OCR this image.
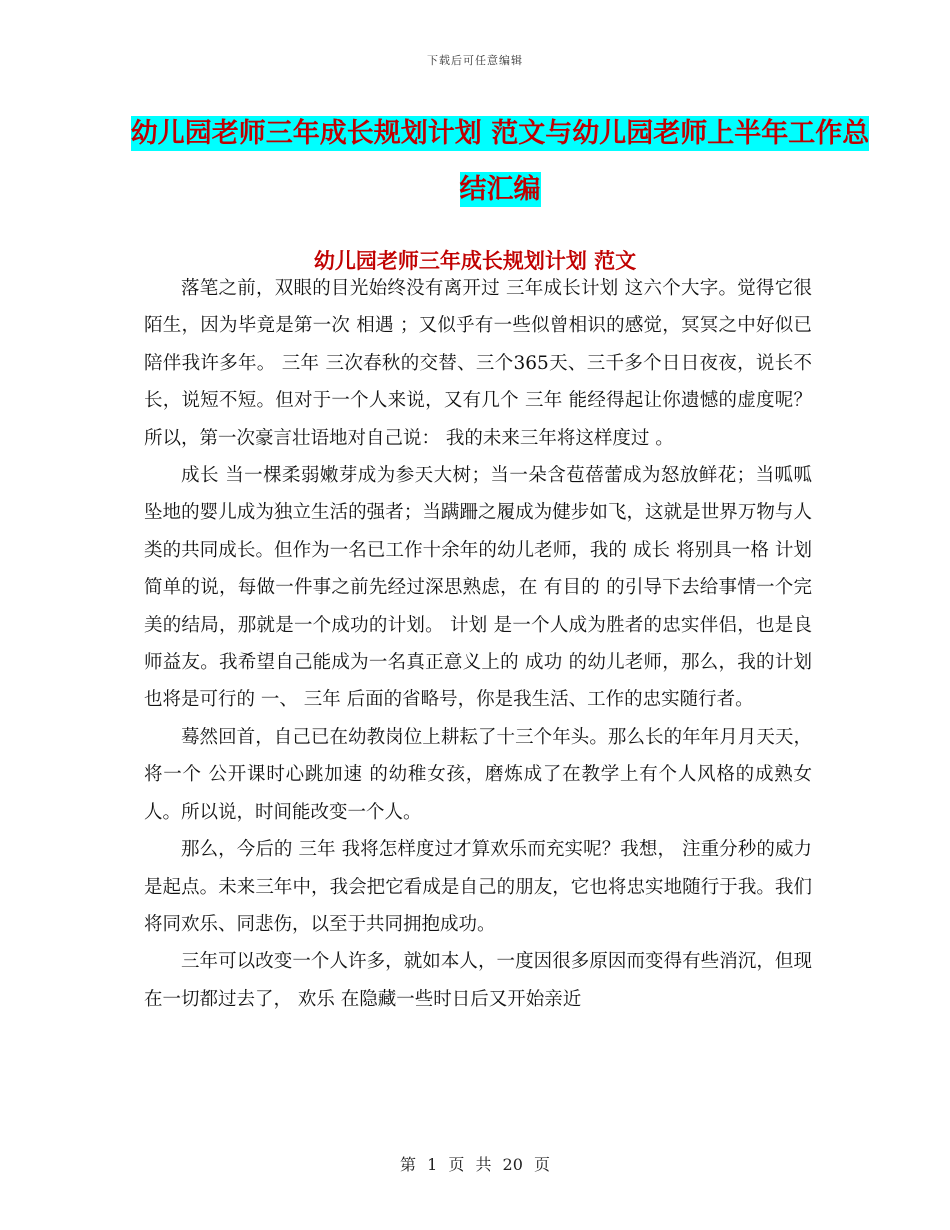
下载后可任意编辑
幼儿园老师三年成长规划计划 范文与幼儿园老师上半年工作总结汇编
幼儿园老师三年成长规划计划 范文

落笔之前，双眼的目光始终没有离开过 三年成长计划 这六个大字。觉得它很陌生，因为毕竟是第一次 相遇 ；又似乎有一些似曾相识的感觉，冥冥之中好似已陪伴我许多年。 三年 三次春秋的交替、三个365天、三千多个日日夜夜，说长不长，说短不短。但对于一个人来说，又有几个 三年 能经得起让你遗憾的虚度呢？所以，第一次豪言壮语地对自己说： 我的未来三年将这样度过 。

成长 当一棵柔弱嫩芽成为参天大树；当一朵含苞蓓蕾成为怒放鲜花；当呱呱坠地的婴儿成为独立生活的强者；当蹒跚之履成为健步如飞，这就是世界万物与人类的共同成长。但作为一名已工作十余年的幼儿老师，我的 成长 将别具一格 计划 简单的说，每做一件事之前先经过深思熟虑，在 有目的 的引导下去给事情一个完美的结局，那就是一个成功的计划。 计划 是一个人成为胜者的忠实伴侣，也是良师益友。我希望自己能成为一名真正意义上的 成功 的幼儿老师，那么，我的计划也将是可行的 一、 三年 后面的省略号，你是我生活、工作的忠实随行者。

蓦然回首，自己已在幼教岗位上耕耘了十三个年头。那么长的年年月月天天，将一个 公开课时心跳加速 的幼稚女孩，磨炼成了在教学上有个人风格的成熟女人。所以说，时间能改变一个人。

那么，今后的 三年 我将怎样度过才算欢乐而充实呢？我想， 注重分秒的威力 是起点。未来三年中，我会把它看成是自己的朋友，它也将忠实地随行于我。我们将同欢乐、同悲伤，以至于共同拥抱成功。

三年可以改变一个人许多，就如本人，一度因很多原因而变得有些消沉，但现在一切都过去了， 欢乐 在隐藏一些时日后又开始亲近

第 1 页 共 20 页
